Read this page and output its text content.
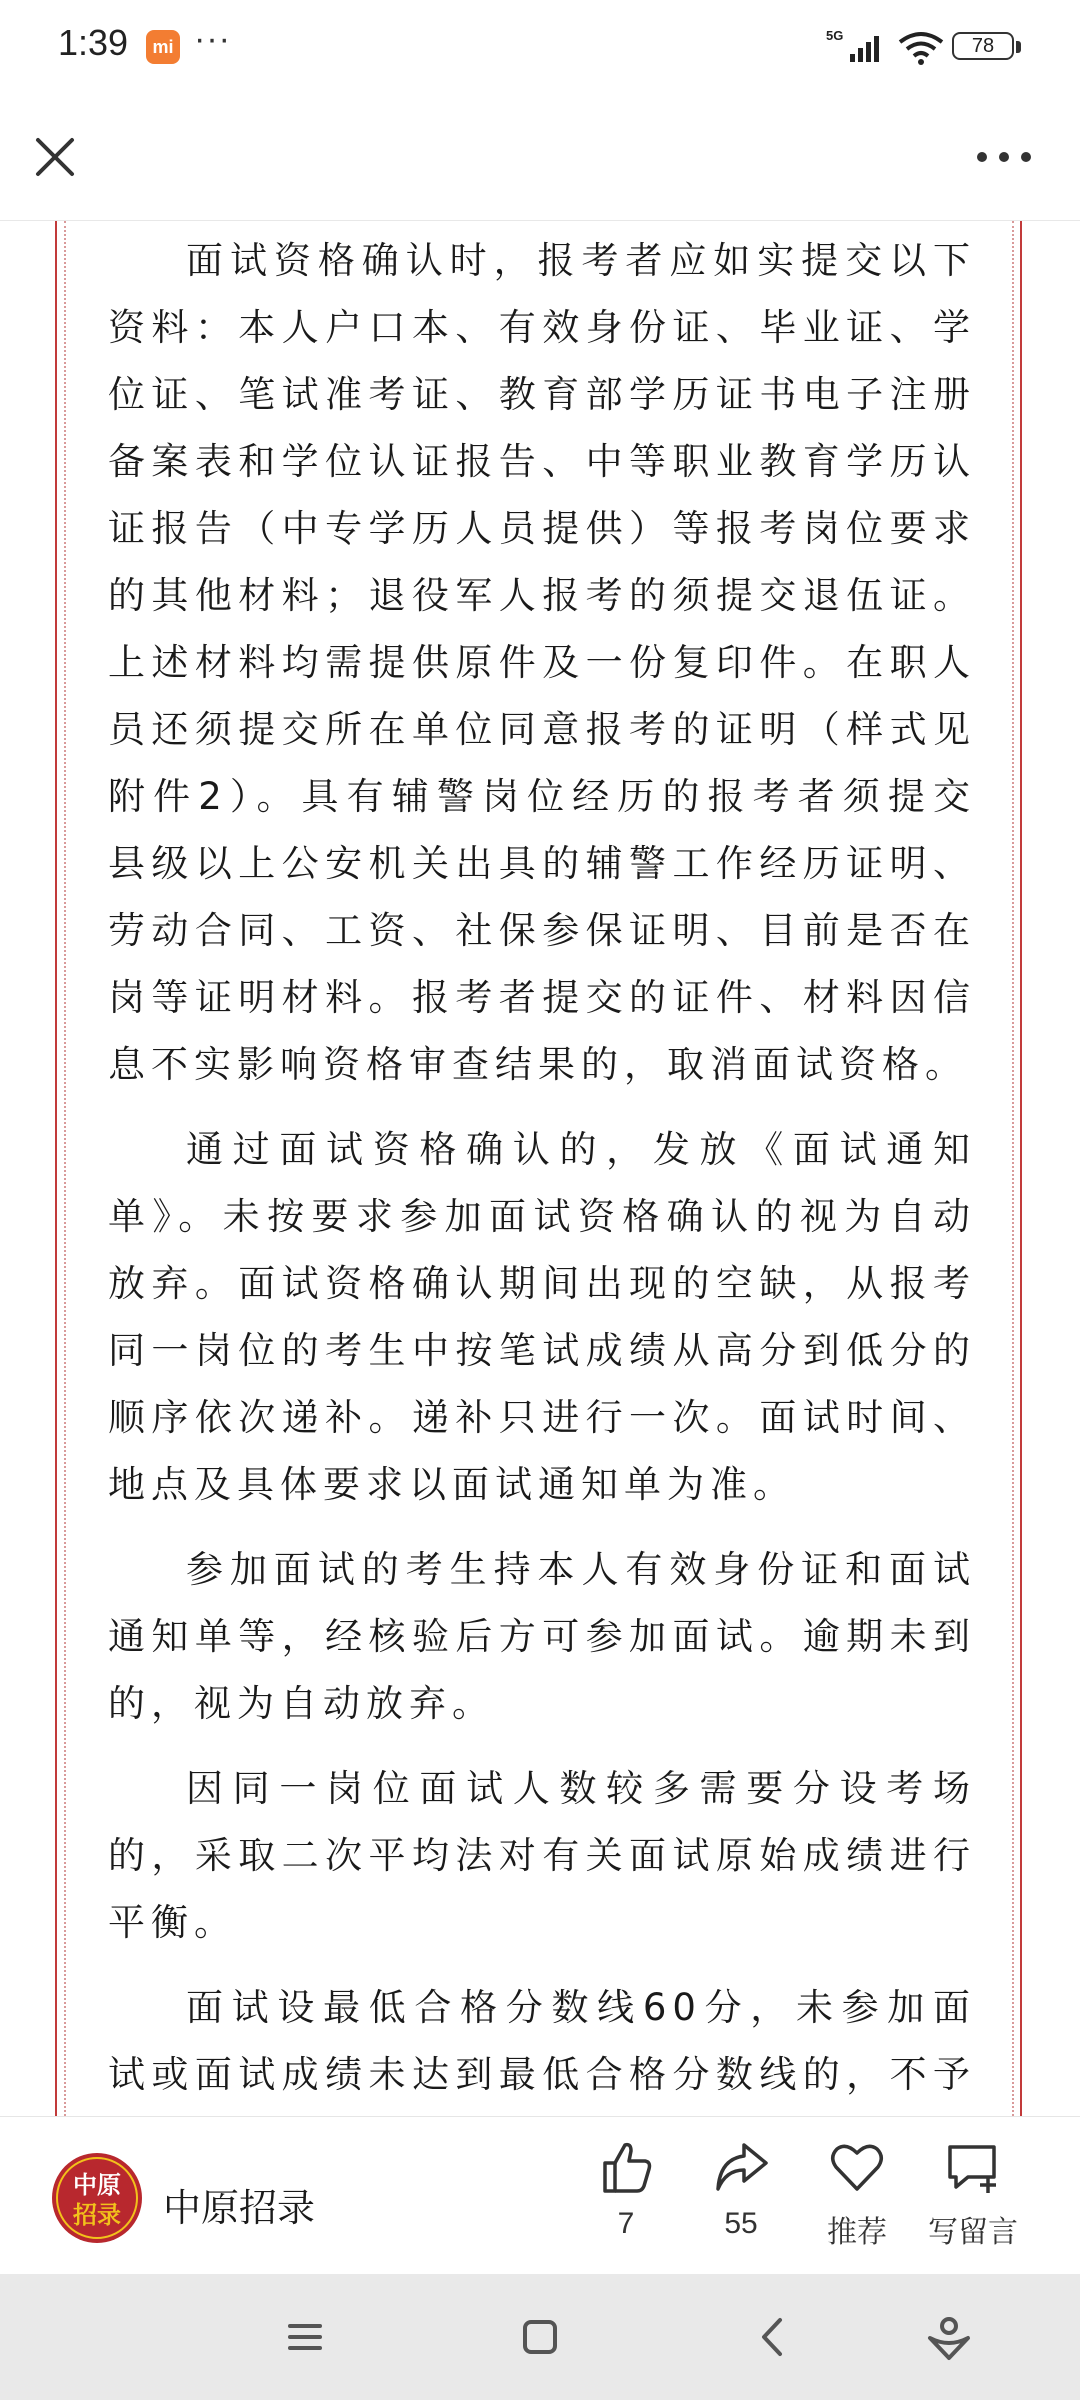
1:39	mi ···	5G	78

面试资格确认时，报考者应如实提交以下资料：本人户口本、有效身份证、毕业证、学位证、笔试准考证、教育部学历证书电子注册备案表和学位认证报告、中等职业教育学历认证报告（中专学历人员提供）等报考岗位要求的其他材料；退役军人报考的须提交退伍证。上述材料均需提供原件及一份复印件。在职人员还须提交所在单位同意报考的证明（样式见附件2）。具有辅警岗位经历的报考者须提交县级以上公安机关出具的辅警工作经历证明、劳动合同、工资、社保参保证明、目前是否在岗等证明材料。报考者提交的证件、材料因信息不实影响资格审查结果的，取消面试资格。

通过面试资格确认的，发放《面试通知单》。未按要求参加面试资格确认的视为自动放弃。面试资格确认期间出现的空缺，从报考同一岗位的考生中按笔试成绩从高分到低分的顺序依次递补。递补只进行一次。面试时间、地点及具体要求以面试通知单为准。

参加面试的考生持本人有效身份证和面试通知单等，经核验后方可参加面试。逾期未到的，视为自动放弃。

因同一岗位面试人数较多需要分设考场的，采取二次平均法对有关面试原始成绩进行平衡。

面试设最低合格分数线60分，未参加面试或面试成绩未达到最低合格分数线的，不予

中原
招录 中原招录	7	55	推荐	写留言
